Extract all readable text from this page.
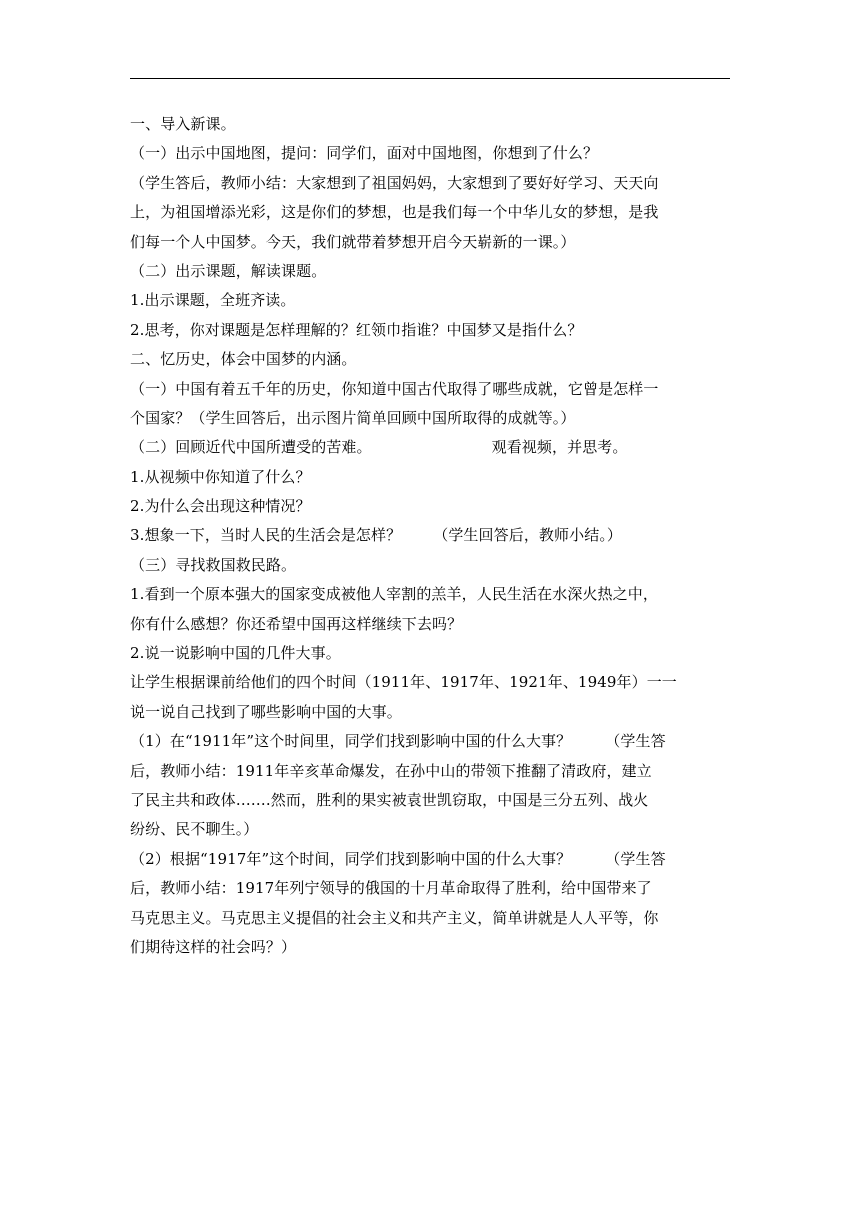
一、导入新课。
（一）出示中国地图，提问：同学们，面对中国地图，你想到了什么？
（学生答后，教师小结：大家想到了祖国妈妈，大家想到了要好好学习、天天向
上，为祖国增添光彩，这是你们的梦想，也是我们每一个中华儿女的梦想，是我
们每一个人中国梦。今天，我们就带着梦想开启今天崭新的一课。）
（二）出示课题，解读课题。
1.出示课题，全班齐读。
2.思考，你对课题是怎样理解的？红领巾指谁？中国梦又是指什么？
二、忆历史，体会中国梦的内涵。
（一）中国有着五千年的历史，你知道中国古代取得了哪些成就，它曾是怎样一
个国家？（学生回答后，出示图片简单回顾中国所取得的成就等。）
（二）回顾近代中国所遭受的苦难。	观看视频，并思考。
1.从视频中你知道了什么？
2.为什么会出现这种情况？
3.想象一下，当时人民的生活会是怎样？ （学生回答后，教师小结。）
（三）寻找救国救民路。
1.看到一个原本强大的国家变成被他人宰割的羔羊，人民生活在水深火热之中，
你有什么感想？你还希望中国再这样继续下去吗？
2.说一说影响中国的几件大事。
让学生根据课前给他们的四个时间（1911年、1917年、1921年、1949年）一一
说一说自己找到了哪些影响中国的大事。
（1）在“1911年”这个时间里，同学们找到影响中国的什么大事？ （学生答
后，教师小结：1911年辛亥革命爆发，在孙中山的带领下推翻了清政府，建立
了民主共和政体…….然而，胜利的果实被袁世凯窃取，中国是三分五列、战火
纷纷、民不聊生。）
（2）根据“1917年”这个时间，同学们找到影响中国的什么大事？ （学生答
后，教师小结：1917年列宁领导的俄国的十月革命取得了胜利，给中国带来了
马克思主义。马克思主义提倡的社会主义和共产主义，简单讲就是人人平等，你
们期待这样的社会吗？）
